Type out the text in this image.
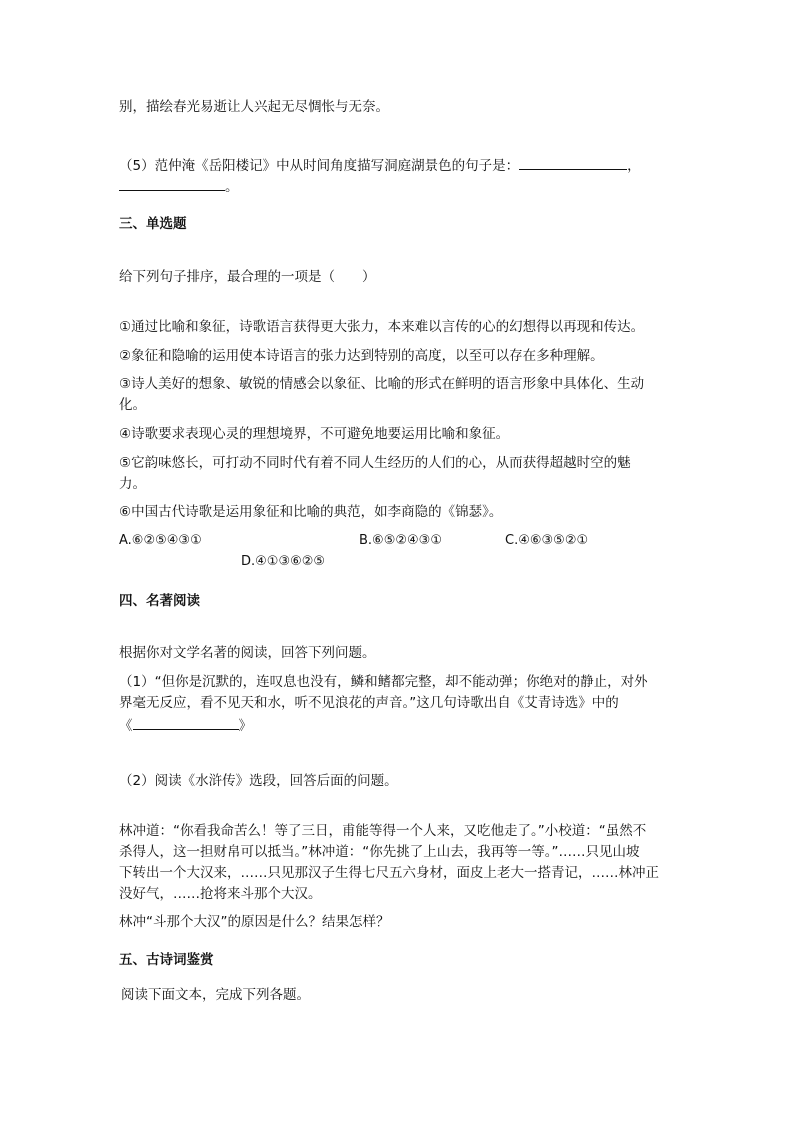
别，描绘春光易逝让人兴起无尽惆怅与无奈。
（5）范仲淹《岳阳楼记》中从时间角度描写洞庭湖景色的句子是：	，
。
三、单选题
给下列句子排序，最合理的一项是（　　）
①通过比喻和象征，诗歌语言获得更大张力，本来难以言传的心的幻想得以再现和传达。
②象征和隐喻的运用使本诗语言的张力达到特别的高度，以至可以存在多种理解。
③诗人美好的想象、敏锐的情感会以象征、比喻的形式在鲜明的语言形象中具体化、生动
化。
④诗歌要求表现心灵的理想境界，不可避免地要运用比喻和象征。
⑤它韵味悠长，可打动不同时代有着不同人生经历的人们的心，从而获得超越时空的魅
力。
⑥中国古代诗歌是运用象征和比喻的典范，如李商隐的《锦瑟》。
A.⑥②⑤④③①	B.⑥⑤②④③①	C.④⑥③⑤②①
D.④①③⑥②⑤
四、名著阅读
根据你对文学名著的阅读，回答下列问题。
（1）“但你是沉默的，连叹息也没有，鳞和鳍都完整，却不能动弹；你绝对的静止，对外
界毫无反应，看不见天和水，听不见浪花的声音。”这几句诗歌出自《艾青诗选》中的
《	》
（2）阅读《水浒传》选段，回答后面的问题。
林冲道：“你看我命苦么！等了三日，甫能等得一个人来，又吃他走了。”小校道：“虽然不
杀得人，这一担财帛可以抵当。”林冲道：“你先挑了上山去，我再等一等。”……只见山坡
下转出一个大汉来，……只见那汉子生得七尺五六身材，面皮上老大一搭青记，……林冲正
没好气，……抢将来斗那个大汉。
林冲“斗那个大汉”的原因是什么？结果怎样？
五、古诗词鉴赏
阅读下面文本，完成下列各题。
